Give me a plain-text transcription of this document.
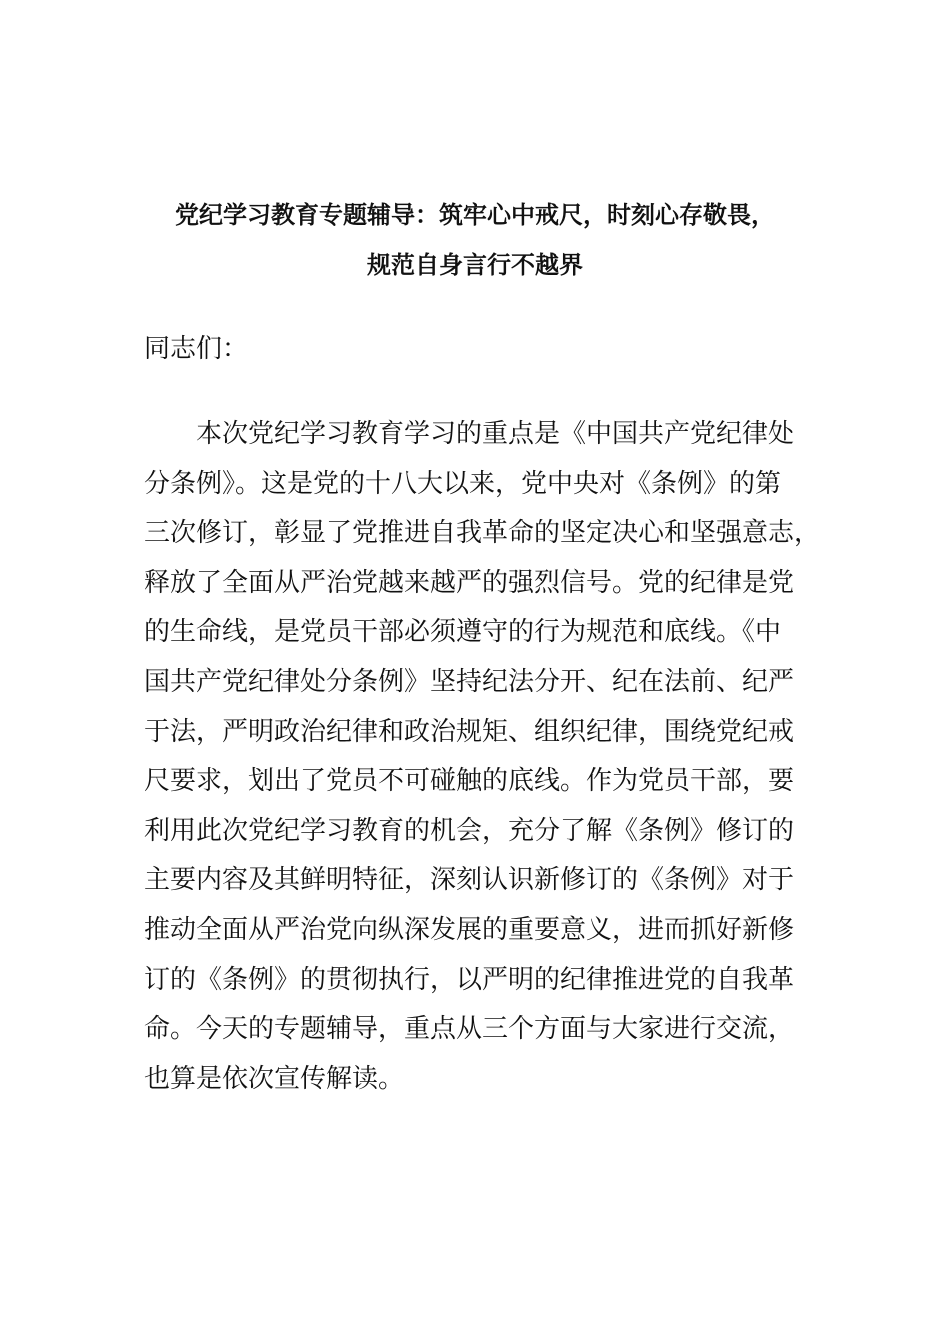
党纪学习教育专题辅导：筑牢心中戒尺，时刻心存敬畏，
规范自身言行不越界
同志们：
　　本次党纪学习教育学习的重点是《中国共产党纪律处
分条例》。这是党的十八大以来，党中央对《条例》的第
三次修订，彰显了党推进自我革命的坚定决心和坚强意志，
释放了全面从严治党越来越严的强烈信号。党的纪律是党
的生命线，是党员干部必须遵守的行为规范和底线。《中
国共产党纪律处分条例》坚持纪法分开、纪在法前、纪严
于法，严明政治纪律和政治规矩、组织纪律，围绕党纪戒
尺要求，划出了党员不可碰触的底线。作为党员干部，要
利用此次党纪学习教育的机会，充分了解《条例》修订的
主要内容及其鲜明特征，深刻认识新修订的《条例》对于
推动全面从严治党向纵深发展的重要意义，进而抓好新修
订的《条例》的贯彻执行，以严明的纪律推进党的自我革
命。今天的专题辅导，重点从三个方面与大家进行交流，
也算是依次宣传解读。
